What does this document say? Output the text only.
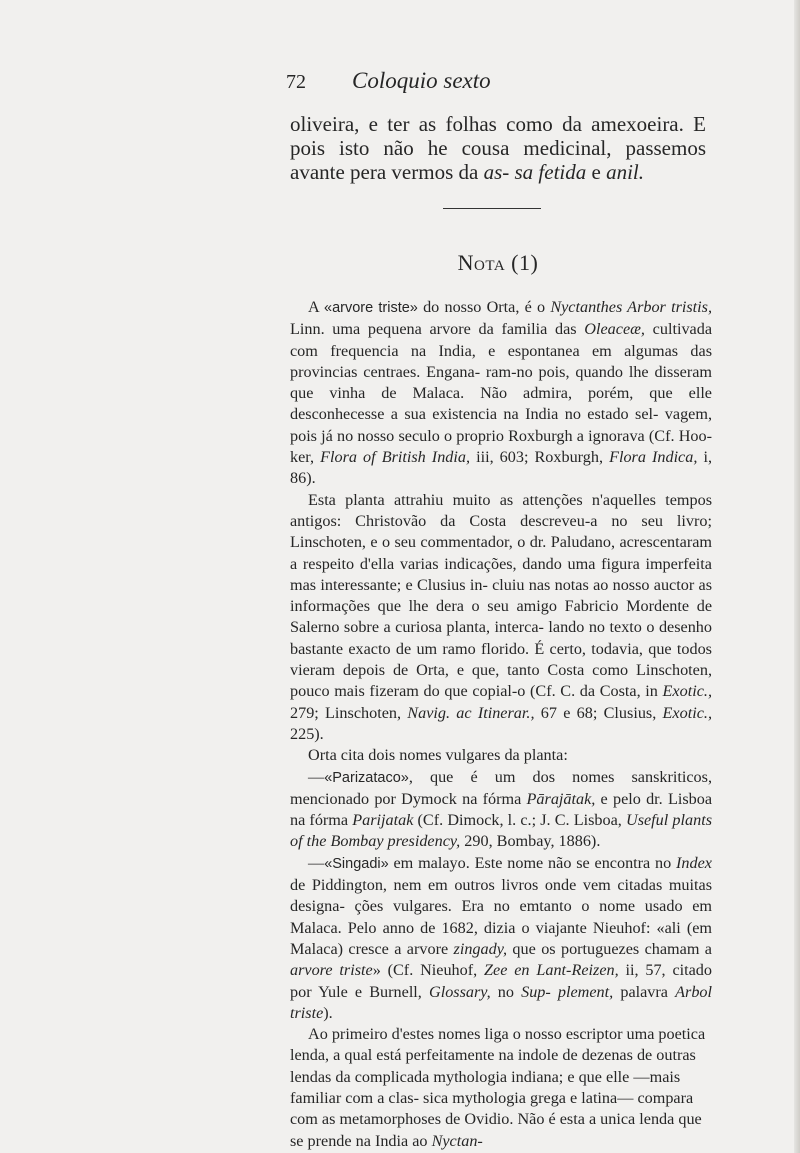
72 Coloquio sexto

oliveira, e ter as folhas como da amexoeira. E pois isto não he cousa medicinal, passemos avante pera vermos da as- sa fetida e anil.

Nota (1)

A «arvore triste» do nosso Orta, é o Nyctanthes Arbor tristis, Linn. uma pequena arvore da familia das Oleaceæ, cultivada com frequencia na India, e espontanea em algumas das provincias centraes. Engana- ram-no pois, quando lhe disseram que vinha de Malaca. Não admira, porém, que elle desconhecesse a sua existencia na India no estado sel- vagem, pois já no nosso seculo o proprio Roxburgh a ignorava (Cf. Hoo- ker, Flora of British India, iii, 603; Roxburgh, Flora Indica, i, 86).

Esta planta attrahiu muito as attenções n'aquelles tempos antigos: Christovão da Costa descreveu-a no seu livro; Linschoten, e o seu commentador, o dr. Paludano, acrescentaram a respeito d'ella varias indicações, dando uma figura imperfeita mas interessante; e Clusius in- cluiu nas notas ao nosso auctor as informações que lhe dera o seu amigo Fabricio Mordente de Salerno sobre a curiosa planta, interca- lando no texto o desenho bastante exacto de um ramo florido. É certo, todavia, que todos vieram depois de Orta, e que, tanto Costa como Linschoten, pouco mais fizeram do que copial-o (Cf. C. da Costa, in Exotic., 279; Linschoten, Navig. ac Itinerar., 67 e 68; Clusius, Exotic., 225).

Orta cita dois nomes vulgares da planta:

—«Parizataco», que é um dos nomes sanskriticos, mencionado por Dymock na fórma Pārajātak, e pelo dr. Lisboa na fórma Parijatak (Cf. Dimock, l. c.; J. C. Lisboa, Useful plants of the Bombay presidency, 290, Bombay, 1886).

—«Singadi» em malayo. Este nome não se encontra no Index de Piddington, nem em outros livros onde vem citadas muitas designa- ções vulgares. Era no emtanto o nome usado em Malaca. Pelo anno de 1682, dizia o viajante Nieuhof: «ali (em Malaca) cresce a arvore zingady, que os portuguezes chamam a arvore triste» (Cf. Nieuhof, Zee en Lant-Reizen, ii, 57, citado por Yule e Burnell, Glossary, no Sup- plement, palavra Arbol triste).

Ao primeiro d'estes nomes liga o nosso escriptor uma poetica lenda, a qual está perfeitamente na indole de dezenas de outras lendas da complicada mythologia indiana; e que elle —mais familiar com a clas- sica mythologia grega e latina— compara com as metamorphoses de Ovidio. Não é esta a unica lenda que se prende na India ao Nyctan-
